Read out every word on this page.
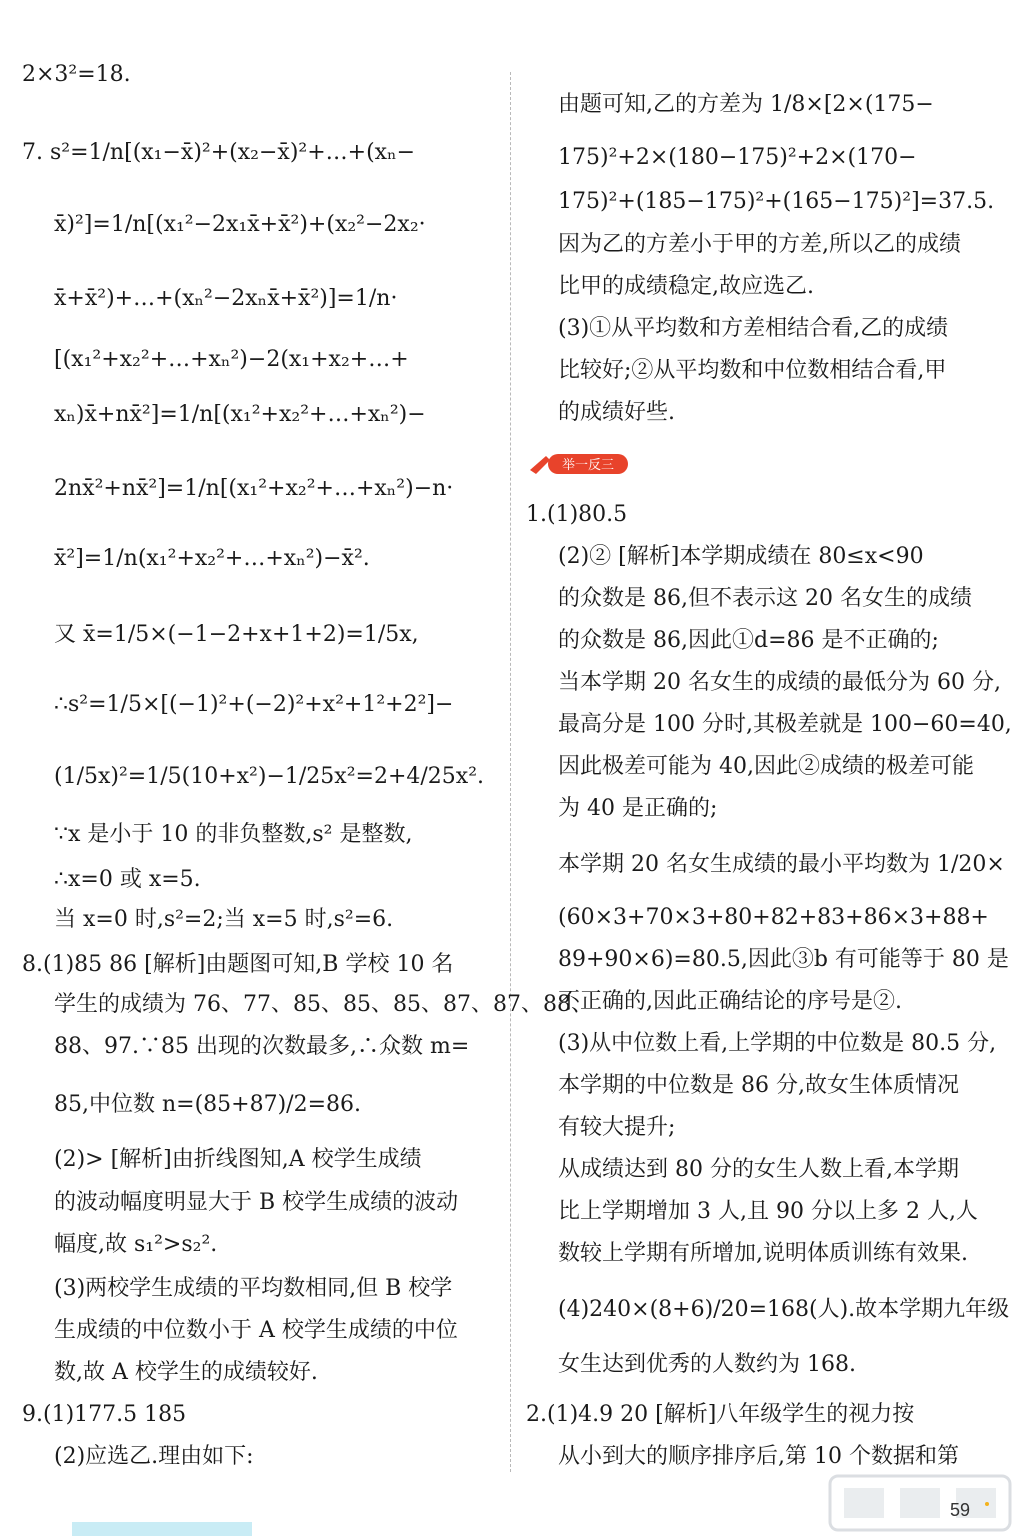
2×3²=18.
7. s²=1/n[(x₁−x̄)²+(x₂−x̄)²+…+(xₙ−
x̄)²]=1/n[(x₁²−2x₁x̄+x̄²)+(x₂²−2x₂·
x̄+x̄²)+…+(xₙ²−2xₙx̄+x̄²)]=1/n·
[(x₁²+x₂²+…+xₙ²)−2(x₁+x₂+…+
xₙ)x̄+nx̄²]=1/n[(x₁²+x₂²+…+xₙ²)−
2nx̄²+nx̄²]=1/n[(x₁²+x₂²+…+xₙ²)−n·
x̄²]=1/n(x₁²+x₂²+…+xₙ²)−x̄².
又 x̄=1/5×(−1−2+x+1+2)=1/5x,
∴s²=1/5×[(−1)²+(−2)²+x²+1²+2²]−
(1/5x)²=1/5(10+x²)−1/25x²=2+4/25x².
∵x 是小于 10 的非负整数,s² 是整数,
∴x=0 或 x=5.
当 x=0 时,s²=2;当 x=5 时,s²=6.
8.(1)85 86 [解析]由题图可知,B 学校 10 名
学生的成绩为 76、77、85、85、85、87、87、88、
88、97.∵85 出现的次数最多,∴众数 m=
85,中位数 n=(85+87)/2=86.
(2)> [解析]由折线图知,A 校学生成绩
的波动幅度明显大于 B 校学生成绩的波动
幅度,故 s₁²>s₂².
(3)两校学生成绩的平均数相同,但 B 校学
生成绩的中位数小于 A 校学生成绩的中位
数,故 A 校学生的成绩较好.
9.(1)177.5 185
(2)应选乙.理由如下:
由题可知,乙的方差为 1/8×[2×(175−
175)²+2×(180−175)²+2×(170−
175)²+(185−175)²+(165−175)²]=37.5.
因为乙的方差小于甲的方差,所以乙的成绩
比甲的成绩稳定,故应选乙.
(3)①从平均数和方差相结合看,乙的成绩
比较好;②从平均数和中位数相结合看,甲
的成绩好些.
举一反三
1.(1)80.5
(2)② [解析]本学期成绩在 80≤x<90
的众数是 86,但不表示这 20 名女生的成绩
的众数是 86,因此①d=86 是不正确的;
当本学期 20 名女生的成绩的最低分为 60 分,
最高分是 100 分时,其极差就是 100−60=40,
因此极差可能为 40,因此②成绩的极差可能
为 40 是正确的;
本学期 20 名女生成绩的最小平均数为 1/20×
(60×3+70×3+80+82+83+86×3+88+
89+90×6)=80.5,因此③b 有可能等于 80 是
不正确的,因此正确结论的序号是②.
(3)从中位数上看,上学期的中位数是 80.5 分,
本学期的中位数是 86 分,故女生体质情况
有较大提升;
从成绩达到 80 分的女生人数上看,本学期
比上学期增加 3 人,且 90 分以上多 2 人,人
数较上学期有所增加,说明体质训练有效果.
(4)240×(8+6)/20=168(人).故本学期九年级
女生达到优秀的人数约为 168.
2.(1)4.9 20 [解析]八年级学生的视力按
从小到大的顺序排序后,第 10 个数据和第
59
